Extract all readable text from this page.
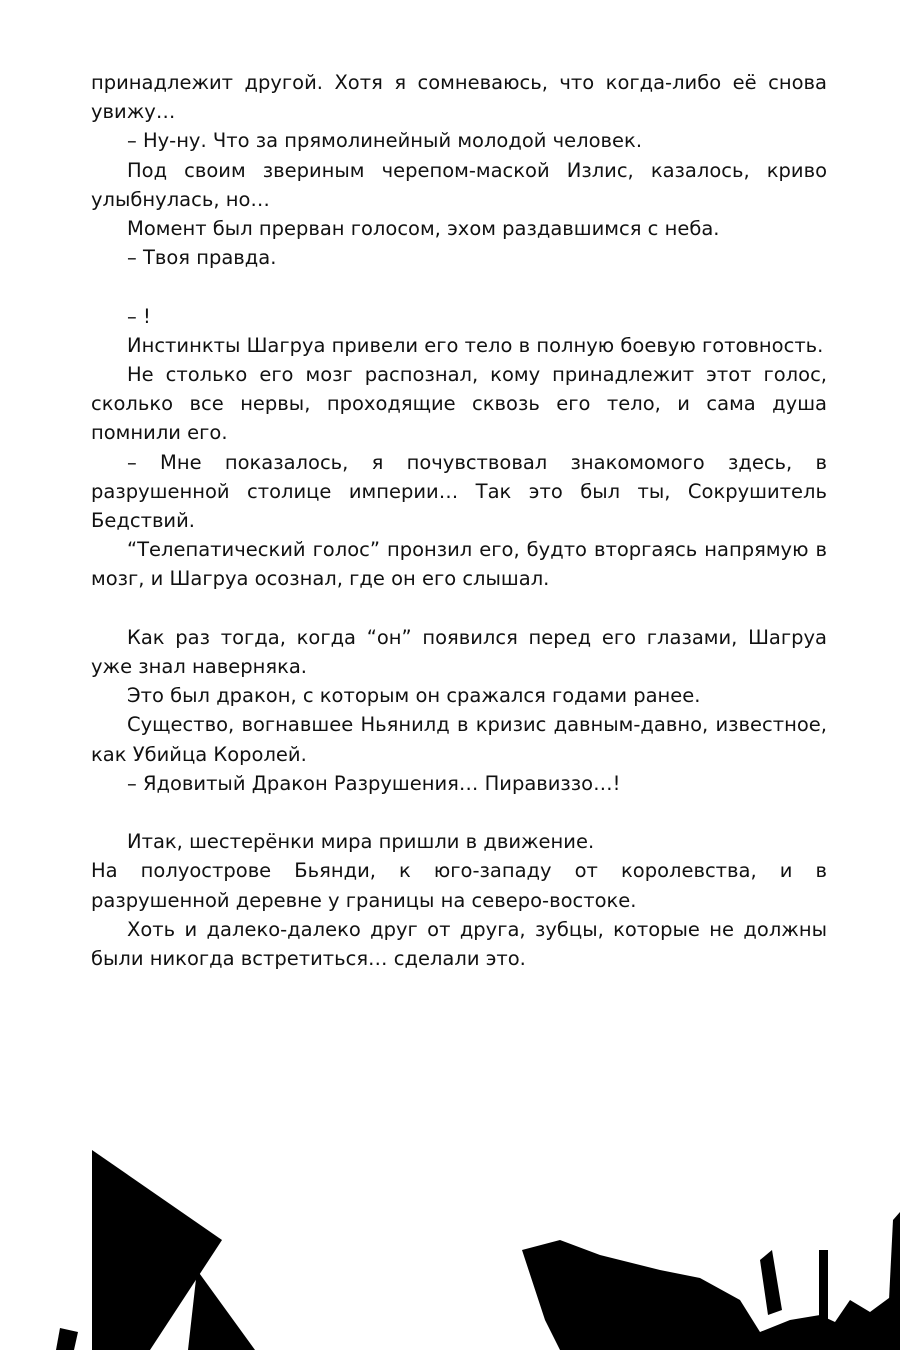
принадлежит другой. Хотя я сомневаюсь, что когда-либо её снова увижу…

– Ну-ну. Что за прямолинейный молодой человек.

Под своим звериным черепом-маской Излис, казалось, криво улыбнулась, но…

Момент был прерван голосом, эхом раздавшимся с неба.

– Твоя правда.

– !

Инстинкты Шагруа привели его тело в полную боевую готовность.

Не столько его мозг распознал, кому принадлежит этот голос, сколько все нервы, проходящие сквозь его тело, и сама душа помнили его.

– Мне показалось, я почувствовал знакомомого здесь, в разрушенной столице империи… Так это был ты, Сокрушитель Бедствий.

“Телепатический голос” пронзил его, будто вторгаясь напрямую в мозг, и Шагруа осознал, где он его слышал.

Как раз тогда, когда “он” появился перед его глазами, Шагруа уже знал наверняка.

Это был дракон, с которым он сражался годами ранее.

Существо, вогнавшее Ньянилд в кризис давным-давно, известное, как Убийца Королей.

– Ядовитый Дракон Разрушения… Пиравиззо…!

Итак, шестерёнки мира пришли в движение.

На полуострове Бьянди, к юго-западу от королевства, и в разрушенной деревне у границы на северо-востоке.

Хоть и далеко-далеко друг от друга, зубцы, которые не должны были никогда встретиться… сделали это.
